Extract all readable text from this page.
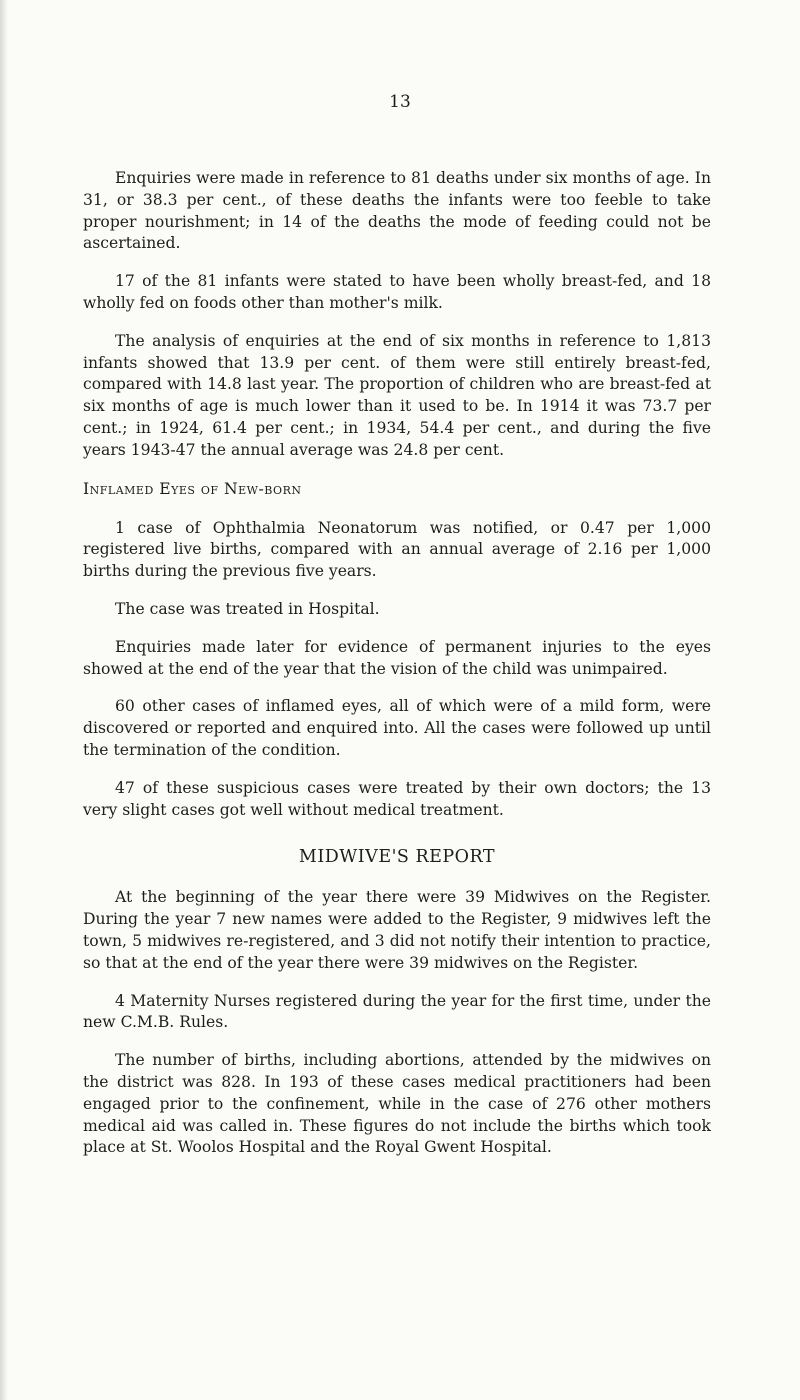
13

Enquiries were made in reference to 81 deaths under six months of age. In 31, or 38.3 per cent., of these deaths the infants were too feeble to take proper nourishment; in 14 of the deaths the mode of feeding could not be ascertained.

17 of the 81 infants were stated to have been wholly breast-fed, and 18 wholly fed on foods other than mother's milk.

The analysis of enquiries at the end of six months in reference to 1,813 infants showed that 13.9 per cent. of them were still entirely breast-fed, compared with 14.8 last year. The proportion of children who are breast-fed at six months of age is much lower than it used to be. In 1914 it was 73.7 per cent.; in 1924, 61.4 per cent.; in 1934, 54.4 per cent., and during the five years 1943-47 the annual average was 24.8 per cent.

Inflamed Eyes of New-born

1 case of Ophthalmia Neonatorum was notified, or 0.47 per 1,000 registered live births, compared with an annual average of 2.16 per 1,000 births during the previous five years.

The case was treated in Hospital.

Enquiries made later for evidence of permanent injuries to the eyes showed at the end of the year that the vision of the child was unimpaired.

60 other cases of inflamed eyes, all of which were of a mild form, were discovered or reported and enquired into. All the cases were followed up until the termination of the condition.

47 of these suspicious cases were treated by their own doctors; the 13 very slight cases got well without medical treatment.

MIDWIVE'S REPORT

At the beginning of the year there were 39 Midwives on the Register. During the year 7 new names were added to the Register, 9 midwives left the town, 5 midwives re-registered, and 3 did not notify their intention to practice, so that at the end of the year there were 39 midwives on the Register.

4 Maternity Nurses registered during the year for the first time, under the new C.M.B. Rules.

The number of births, including abortions, attended by the midwives on the district was 828. In 193 of these cases medical practitioners had been engaged prior to the confinement, while in the case of 276 other mothers medical aid was called in. These figures do not include the births which took place at St. Woolos Hospital and the Royal Gwent Hospital.
